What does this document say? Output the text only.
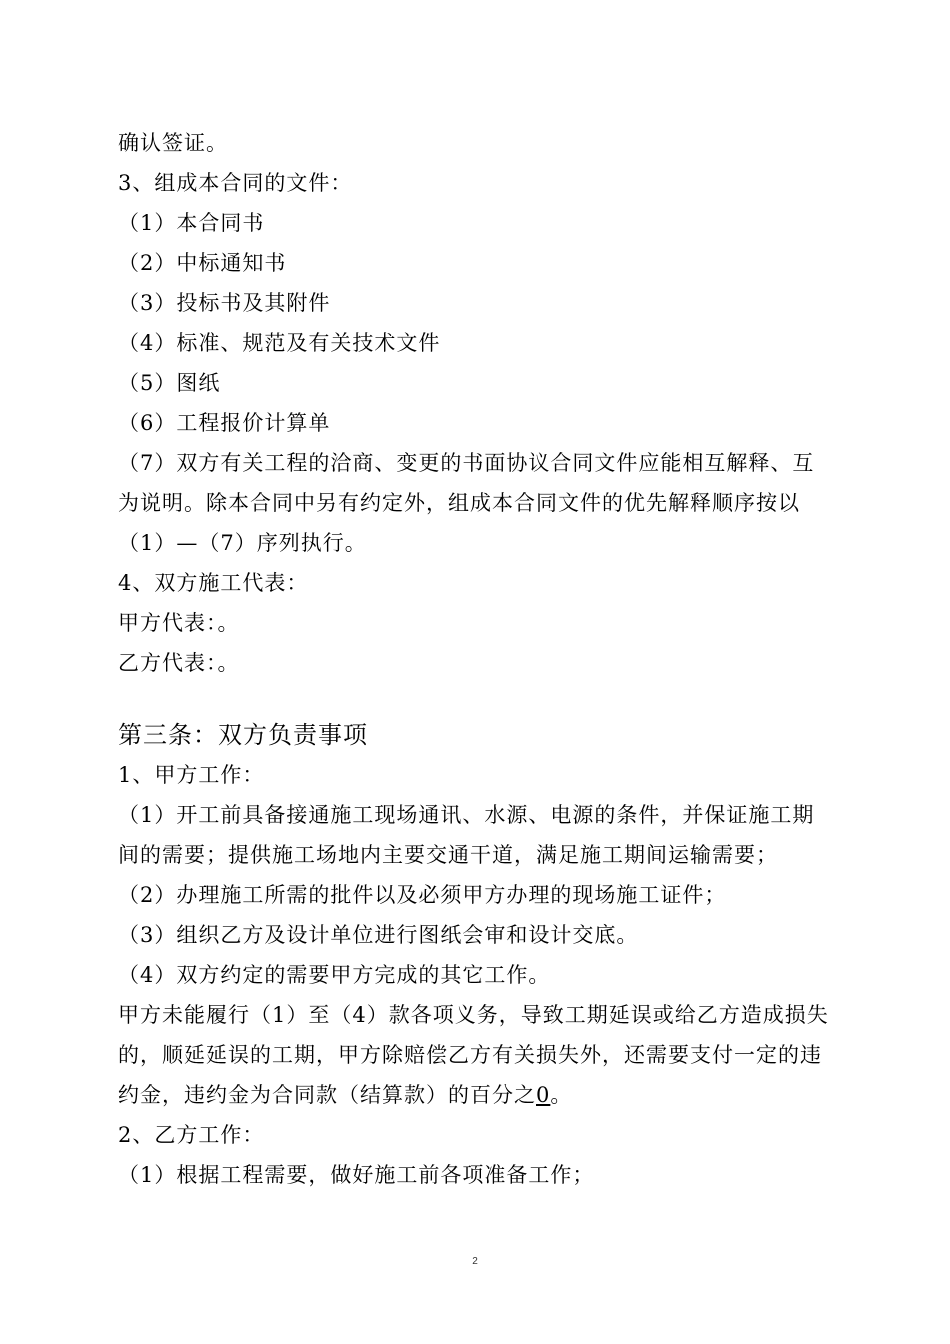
确认签证。
3、组成本合同的文件：
（1）本合同书
（2）中标通知书
（3）投标书及其附件
（4）标准、规范及有关技术文件
（5）图纸
（6）工程报价计算单
（7）双方有关工程的洽商、变更的书面协议合同文件应能相互解释、互
为说明。除本合同中另有约定外，组成本合同文件的优先解释顺序按以
（1）—（7）序列执行。
4、双方施工代表：
甲方代表：。
乙方代表：。
第三条：双方负责事项
1、甲方工作：
（1）开工前具备接通施工现场通讯、水源、电源的条件，并保证施工期
间的需要；提供施工场地内主要交通干道，满足施工期间运输需要；
（2）办理施工所需的批件以及必须甲方办理的现场施工证件；
（3）组织乙方及设计单位进行图纸会审和设计交底。
（4）双方约定的需要甲方完成的其它工作。
甲方未能履行（1）至（4）款各项义务，导致工期延误或给乙方造成损失
的，顺延延误的工期，甲方除赔偿乙方有关损失外，还需要支付一定的违
约金，违约金为合同款（结算款）的百分之0。
2、乙方工作：
（1）根据工程需要，做好施工前各项准备工作；
2
